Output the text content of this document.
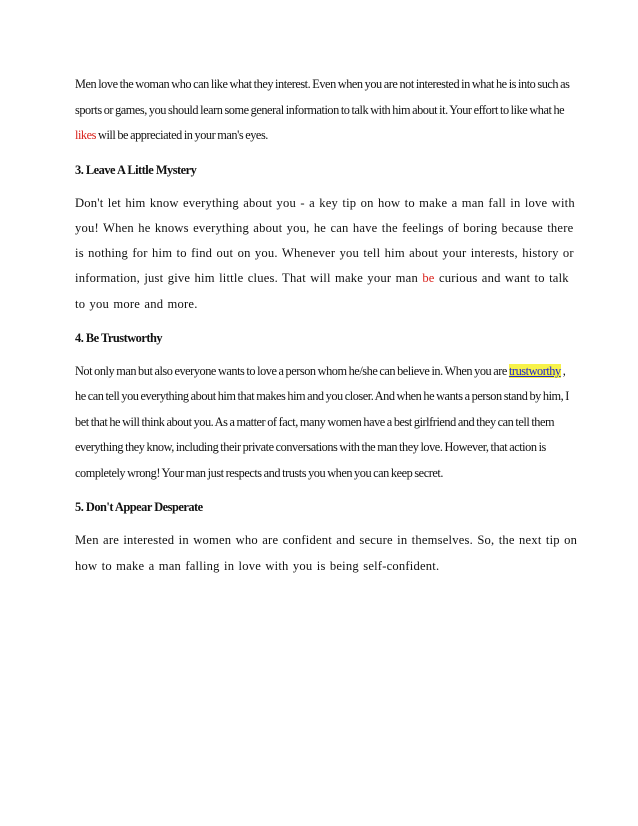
Men love the woman who can like what they interest. Even when you are not interested in what he is into such as sports or games, you should learn some general information to talk with him about it. Your effort to like what he likes will be appreciated in your man's eyes.

3. Leave A Little Mystery

Don't let him know everything about you - a key tip on how to make a man fall in love with you! When he knows everything about you, he can have the feelings of boring because there is nothing for him to find out on you. Whenever you tell him about your interests, history or information, just give him little clues. That will make your man be curious and want to talk to you more and more.

4. Be Trustworthy

Not only man but also everyone wants to love a person whom he/she can believe in. When you are trustworthy , he can tell you everything about him that makes him and you closer. And when he wants a person stand by him, I bet that he will think about you. As a matter of fact, many women have a best girlfriend and they can tell them everything they know, including their private conversations with the man they love. However, that action is completely wrong! Your man just respects and trusts you when you can keep secret.

5. Don't Appear Desperate

Men are interested in women who are confident and secure in themselves. So, the next tip on how to make a man falling in love with you is being self-confident.
